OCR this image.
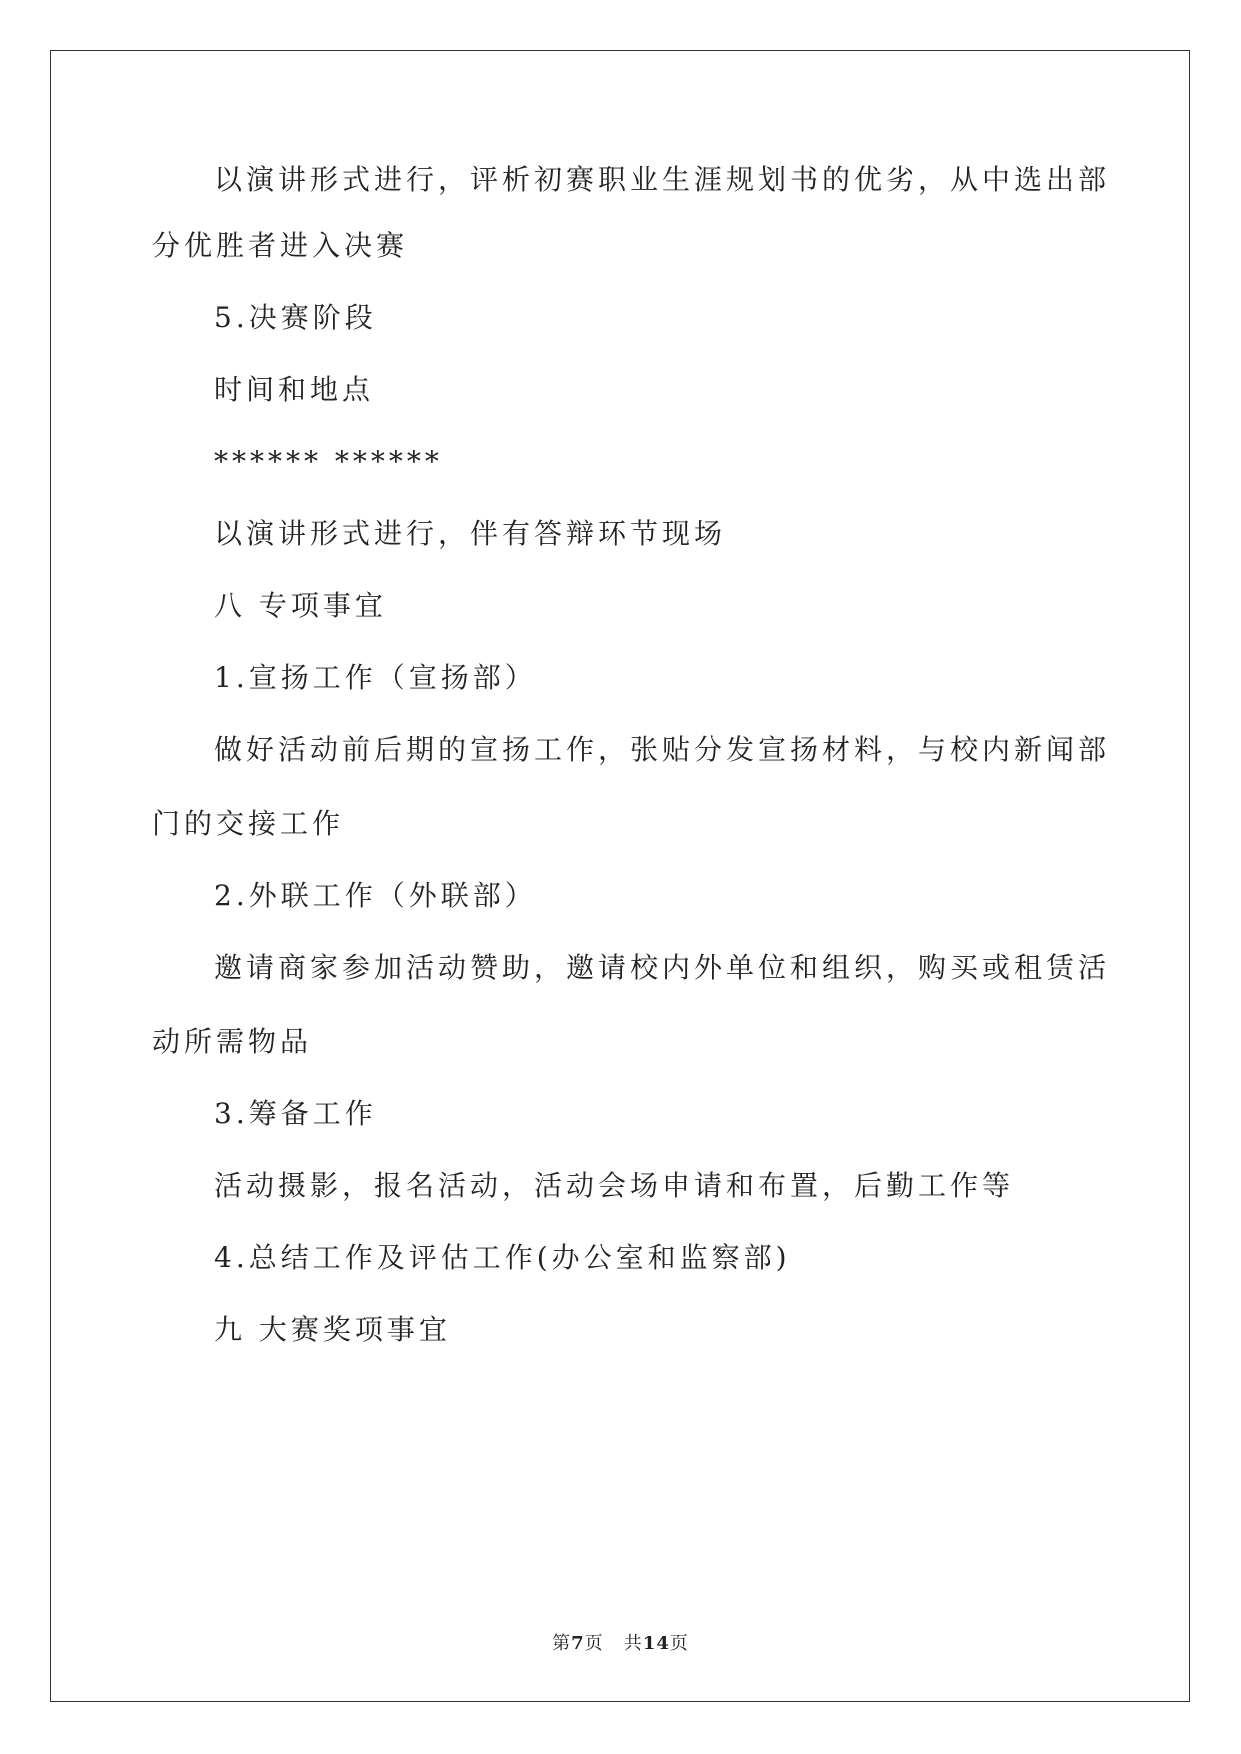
以演讲形式进行，评析初赛职业生涯规划书的优劣，从中选出部
分优胜者进入决赛
5.决赛阶段
时间和地点
****** ******
以演讲形式进行，伴有答辩环节现场
八 专项事宜
1.宣扬工作（宣扬部）
做好活动前后期的宣扬工作，张贴分发宣扬材料，与校内新闻部
门的交接工作
2.外联工作（外联部）
邀请商家参加活动赞助，邀请校内外单位和组织，购买或租赁活
动所需物品
3.筹备工作
活动摄影，报名活动，活动会场申请和布置，后勤工作等
4.总结工作及评估工作(办公室和监察部)
九 大赛奖项事宜
第7页   共14页
